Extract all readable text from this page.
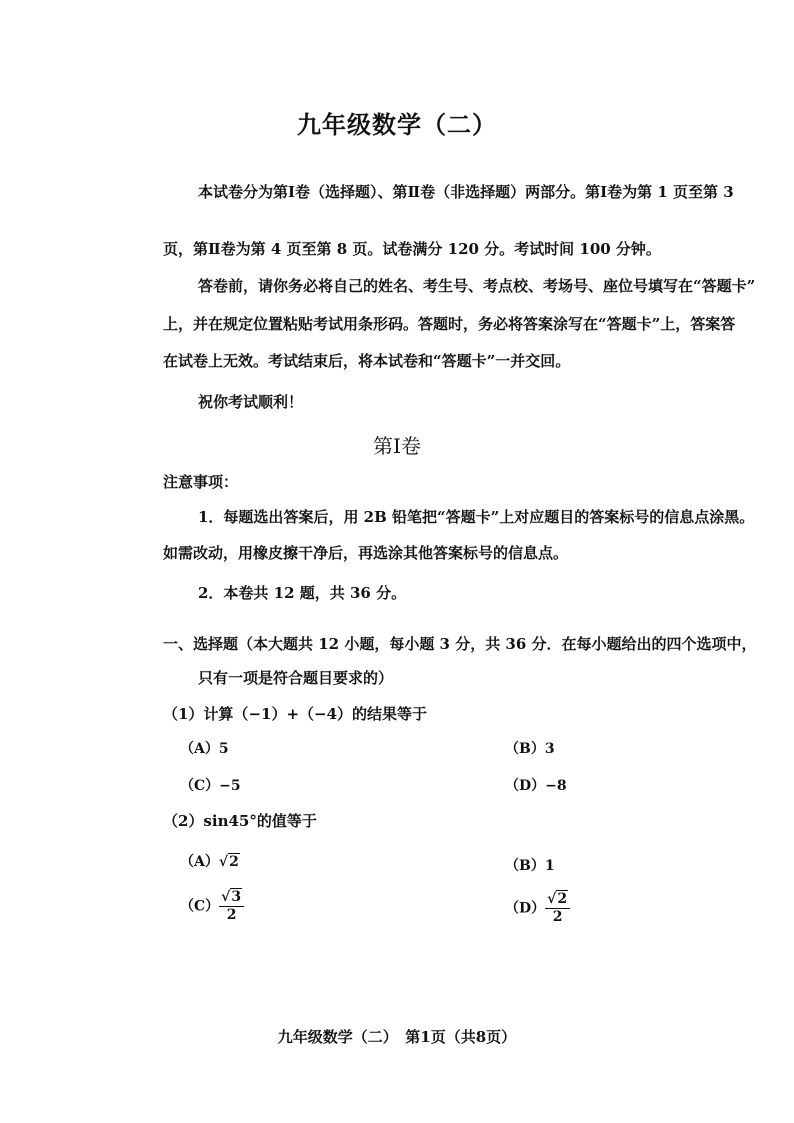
九年级数学（二）
本试卷分为第Ⅰ卷（选择题）、第Ⅱ卷（非选择题）两部分。第Ⅰ卷为第 1 页至第 3
页，第Ⅱ卷为第 4 页至第 8 页。试卷满分 120 分。考试时间 100 分钟。
答卷前，请你务必将自己的姓名、考生号、考点校、考场号、座位号填写在“答题卡”
上，并在规定位置粘贴考试用条形码。答题时，务必将答案涂写在“答题卡”上，答案答
在试卷上无效。考试结束后，将本试卷和“答题卡”一并交回。
祝你考试顺利！
第Ⅰ卷
注意事项：
1．每题选出答案后，用 2B 铅笔把“答题卡”上对应题目的答案标号的信息点涂黑。
如需改动，用橡皮擦干净后，再选涂其他答案标号的信息点。
2．本卷共 12 题，共 36 分。
一、选择题（本大题共 12 小题，每小题 3 分，共 36 分．在每小题给出的四个选项中，
只有一项是符合题目要求的）
（1）计算（−1）+（−4）的结果等于
（A）5	（B）3
（C）−5	（D）−8
（2）sin45°的值等于
（A）√2	（B）1
$(C) \frac{√3}{2}$	$(D) \frac{√2}{2}$
九年级数学（二）　第1页（共8页）
